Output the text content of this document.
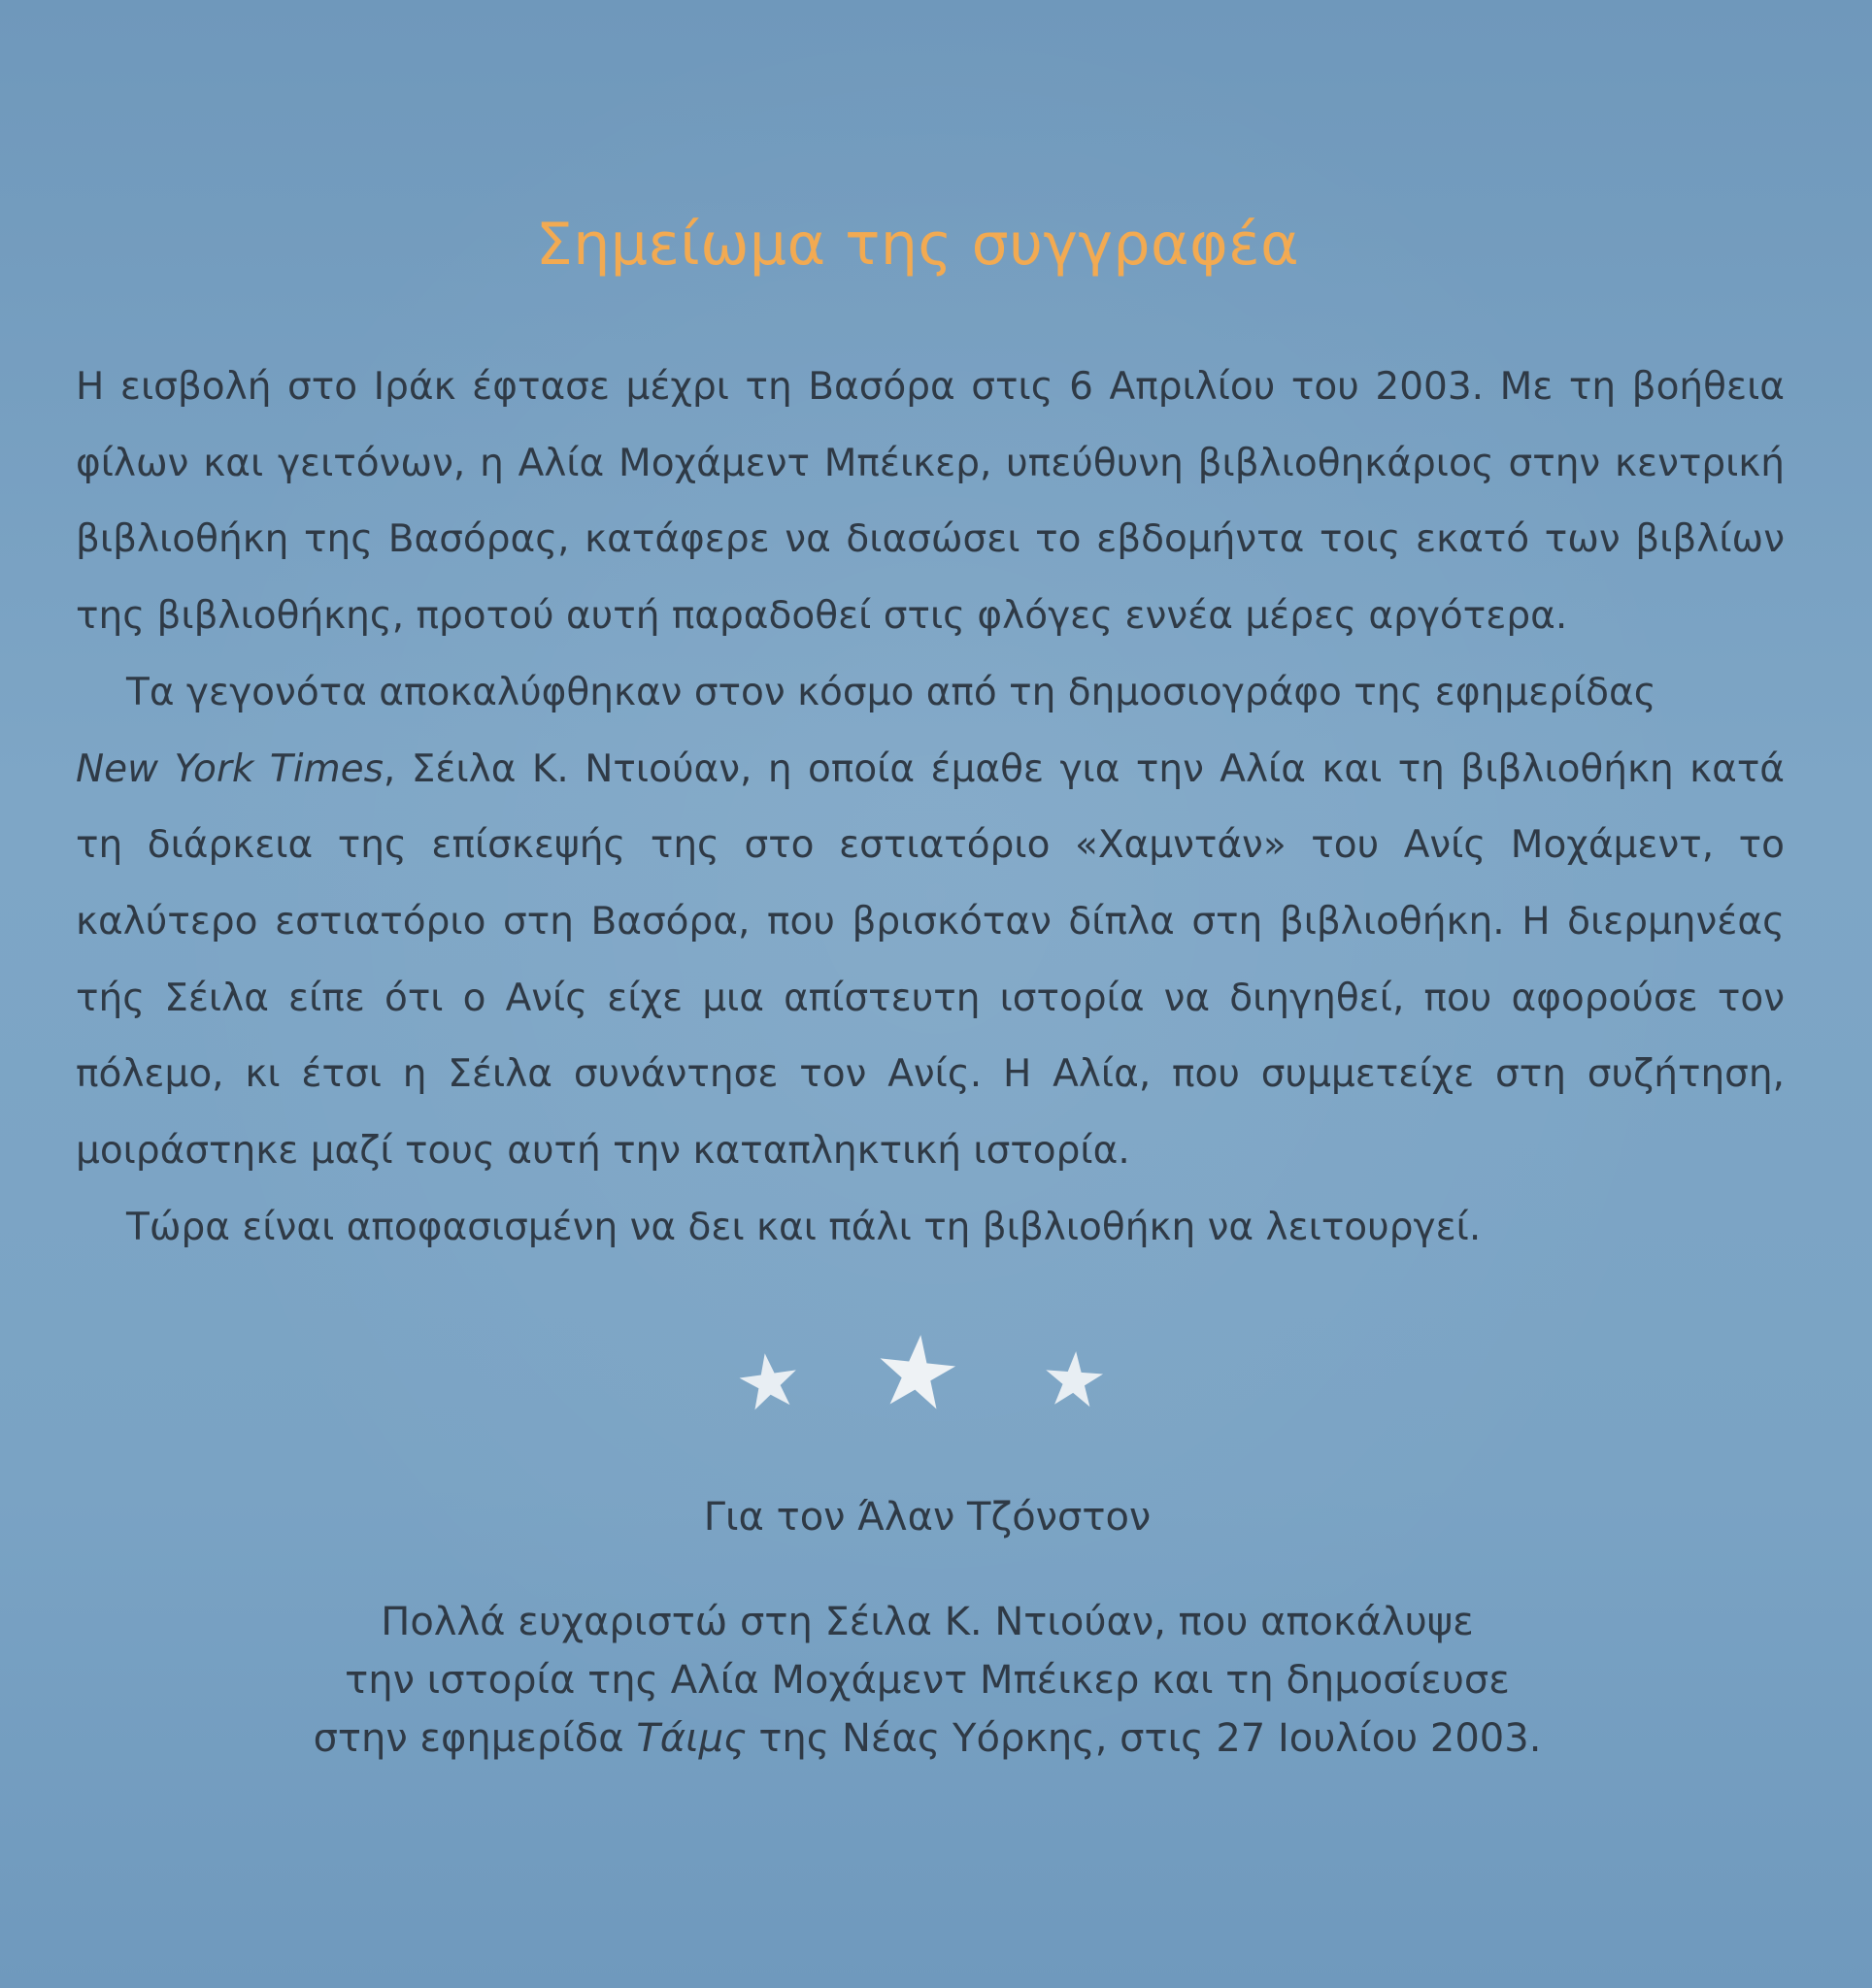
Σημείωμα της συγγραφέα

Η εισβολή στο Ιράκ έφτασε μέχρι τη Βασόρα στις 6 Απριλίου του 2003. Με τη βοήθεια φίλων και γειτόνων, η Αλία Μοχάμεντ Μπέικερ, υπεύθυνη βιβλιοθηκάριος στην κεντρική βιβλιοθήκη της Βασόρας, κατάφερε να διασώσει το εβδομήντα τοις εκατό των βιβλίων της βιβλιοθήκης, προτού αυτή παραδοθεί στις φλόγες εννέα μέρες αργότερα.

Τα γεγονότα αποκαλύφθηκαν στον κόσμο από τη δημοσιογράφο της εφημερίδας
New York Times, Σέιλα Κ. Ντιούαν, η οποία έμαθε για την Αλία και τη βιβλιοθήκη κατά τη διάρκεια της επίσκεψής της στο εστιατόριο «Χαμντάν» του Ανίς Μοχάμεντ, το καλύτερο εστιατόριο στη Βασόρα, που βρισκόταν δίπλα στη βιβλιοθήκη. Η διερμηνέας τής Σέιλα είπε ότι ο Ανίς είχε μια απίστευτη ιστορία να διηγηθεί, που αφορούσε τον πόλεμο, κι έτσι η Σέιλα συνάντησε τον Ανίς. Η Αλία, που συμμετείχε στη συζήτηση, μοιράστηκε μαζί τους αυτή την καταπληκτική ιστορία.

Τώρα είναι αποφασισμένη να δει και πάλι τη βιβλιοθήκη να λειτουργεί.

Για τον Άλαν Τζόνστον
Πολλά ευχαριστώ στη Σέιλα Κ. Ντιούαν, που αποκάλυψε
την ιστορία της Αλία Μοχάμεντ Μπέικερ και τη δημοσίευσε
στην εφημερίδα Τάιμς της Νέας Υόρκης, στις 27 Ιουλίου 2003.
